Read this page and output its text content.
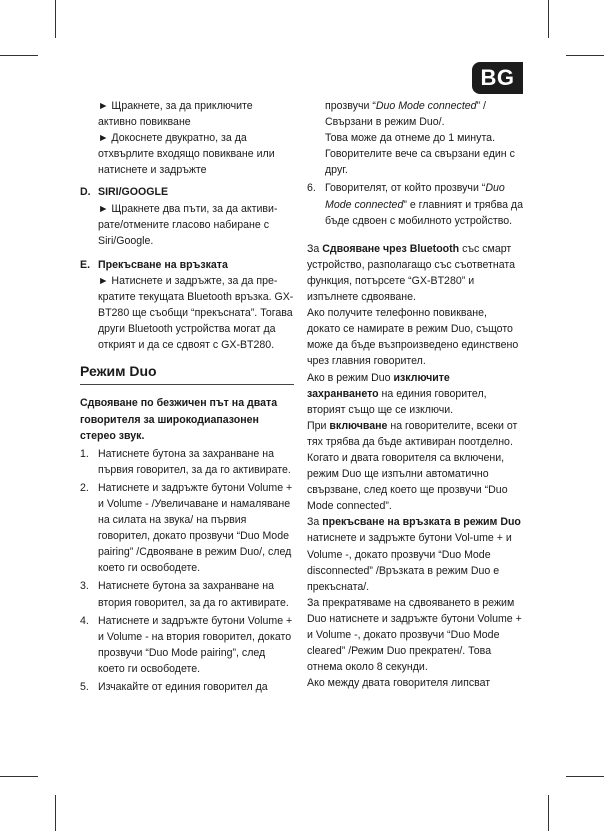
BG
► Щракнете, за да приключите активно повикване
► Докоснете двукратно, за да отхвърлите входящо повикване или натиснете и задръжте
D. SIRI/GOOGLE
► Щракнете два пъти, за да активи-рате/отмените гласово набиране с Siri/Google.
E. Прекъсване на връзката
► Натиснете и задръжте, за да пре-кратите текущата Bluetooth връзка. GX-BT280 ще съобщи “прекъсната”. Тогава други Bluetooth устройства могат да открият и да се сдвоят с GX-BT280.
Режим Duo
Сдвояване по безжичен път на двата говорителя за широкодиапазонен стерео звук.
1. Натиснете бутона за захранване на първия говорител, за да го активирате.
2. Натиснете и задръжте бутони Volume + и Volume - /Увеличаване и намаляване на силата на звука/ на първия говорител, докато прозвучи “Duo Mode pairing” /Сдвояване в режим Duo/, след което ги освободете.
3. Натиснете бутона за захранване на втория говорител, за да го активирате.
4. Натиснете и задръжте бутони Volume + и Volume - на втория говорител, докато прозвучи “Duo Mode pairing”, след което ги освободете.
5. Изчакайте от единия говорител да
прозвучи “Duo Mode connected” / Свързани в режим Duo/.
Това може да отнеме до 1 минута. Говорителите вече са свързани един с друг.
6. Говорителят, от който прозвучи “Duo Mode connected” е главният и трябва да бъде сдвоен с мобилното устройство.
За Сдвояване чрез Bluetooth със смарт устройство, разполагащо със съответната функция, потърсете “GX-BT280” и изпълнете сдвояване.
Ако получите телефонно повикване, докато се намирате в режим Duo, същото може да бъде възпроизведено единствено чрез главния говорител.
Ако в режим Duo изключите захранването на единия говорител, вторият също ще се изключи.
При включване на говорителите, всеки от тях трябва да бъде активиран поотделно.
Когато и двата говорителя са включени, режим Duo ще изпълни автоматично свързване, след което ще прозвучи “Duo Mode connected”.
За прекъсване на връзката в режим Duo натиснете и задръжте бутони Vol-ume + и Volume -, докато прозвучи “Duo Mode disconnected” /Връзката в режим Duo е прекъсната/.
За прекратяваме на сдвояването в режим Duo натиснете и задръжте бутони Volume + и Volume -, докато прозвучи “Duo Mode cleared” /Режим Duo прекратен/. Това отнема около 8 секунди.
Ако между двата говорителя липсват
